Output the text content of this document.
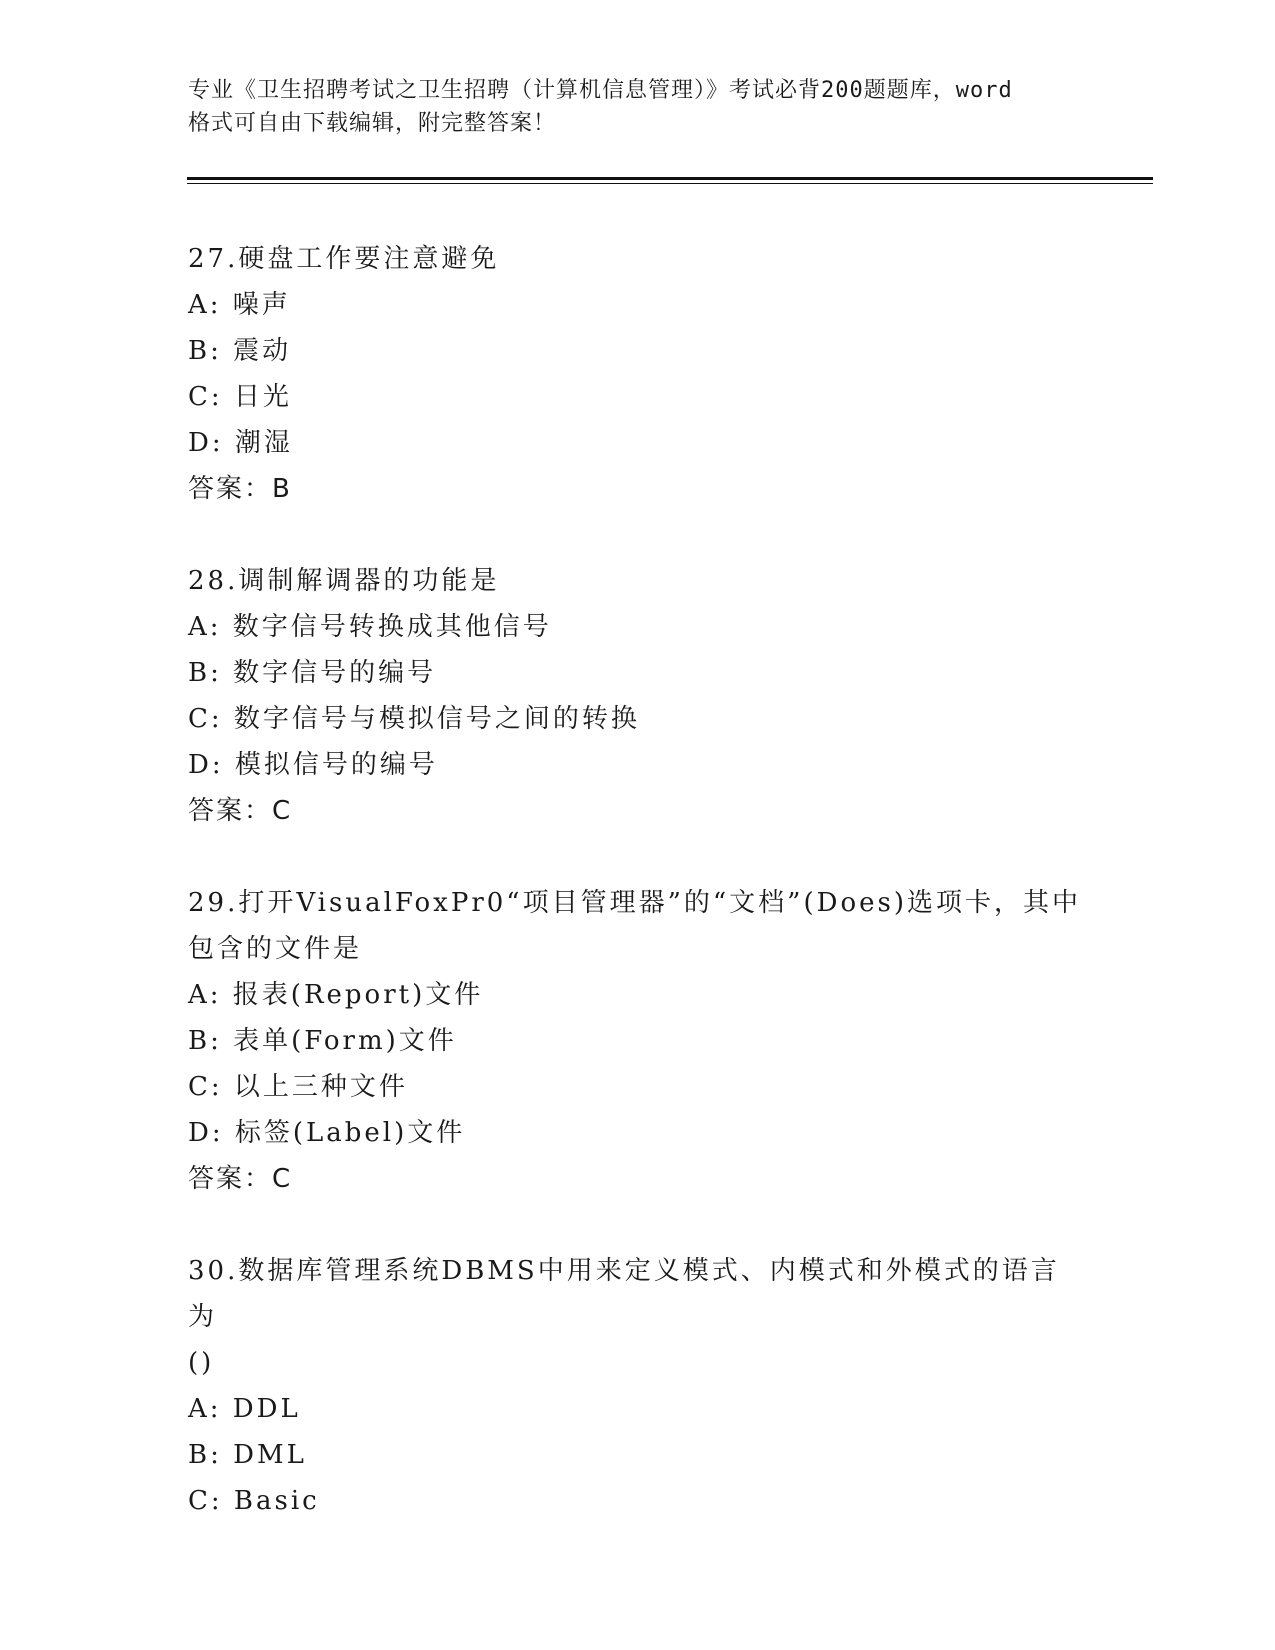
专业《卫生招聘考试之卫生招聘（计算机信息管理）》考试必背200题题库，word
格式可自由下载编辑，附完整答案！
27.硬盘工作要注意避免
A: 噪声
B: 震动
C: 日光
D: 潮湿
答案：B
28.调制解调器的功能是
A: 数字信号转换成其他信号
B: 数字信号的编号
C: 数字信号与模拟信号之间的转换
D: 模拟信号的编号
答案：C
29.打开VisualFoxPr0“项目管理器”的“文档”(Does)选项卡，其中
包含的文件是
A: 报表(Report)文件
B: 表单(Form)文件
C: 以上三种文件
D: 标签(Label)文件
答案：C
30.数据库管理系统DBMS中用来定义模式、内模式和外模式的语言为
()
A: DDL
B: DML
C: Basic
